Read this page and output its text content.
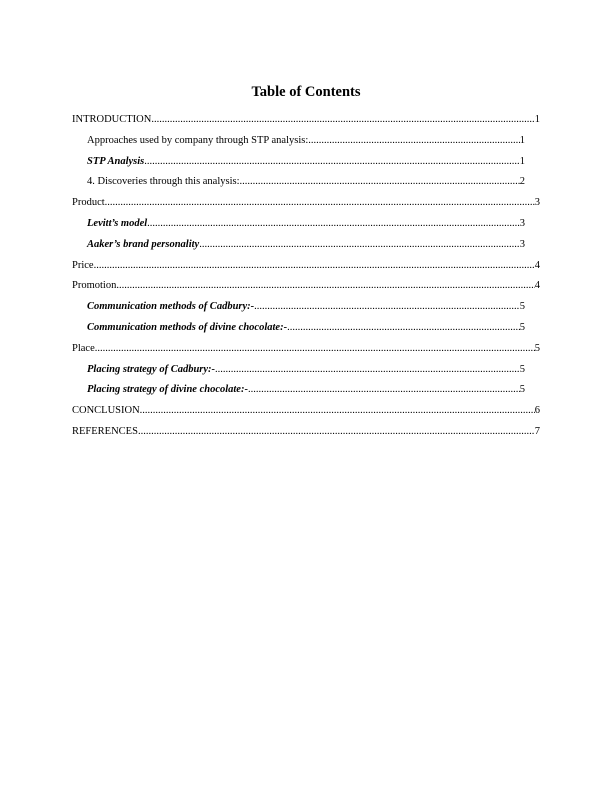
Table of Contents
INTRODUCTION .....	1
Approaches used by company through STP analysis: .....	1
STP Analysis .....	1
4. Discoveries through this analysis: .....	2
Product .....	3
Levitt’s model .....	3
Aaker’s brand personality .....	3
Price .....	4
Promotion .....	4
Communication methods of Cadbury:- .....	5
Communication methods of divine chocolate:- .....	5
Place .....	5
Placing strategy of Cadbury:- .....	5
Placing strategy of divine chocolate:- .....	5
CONCLUSION .....	6
REFERENCES .....	7
